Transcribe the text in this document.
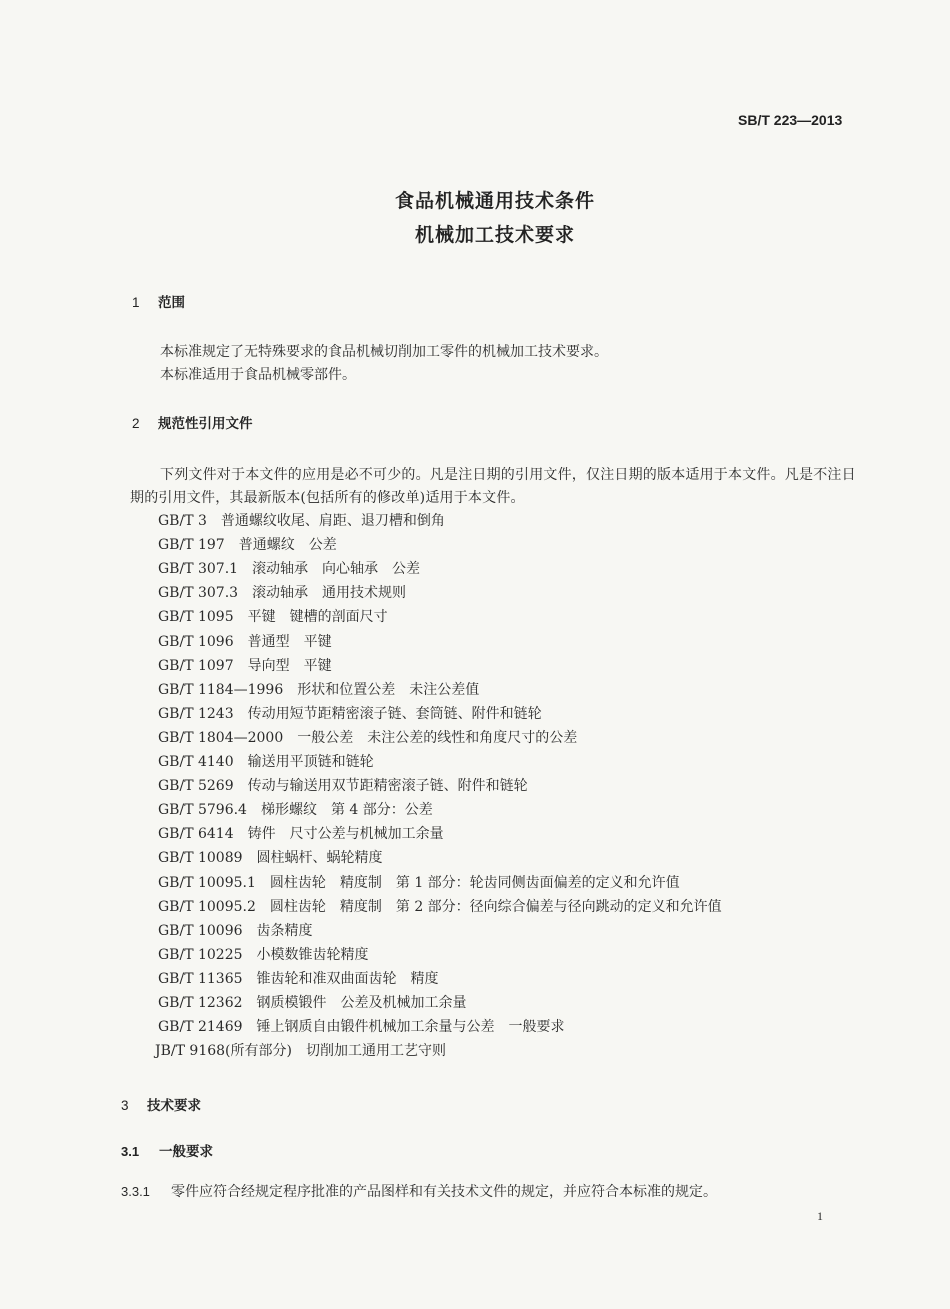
SB/T 223—2013
食品机械通用技术条件
机械加工技术要求
1 范围
本标准规定了无特殊要求的食品机械切削加工零件的机械加工技术要求。
本标准适用于食品机械零部件。
2 规范性引用文件
下列文件对于本文件的应用是必不可少的。凡是注日期的引用文件，仅注日期的版本适用于本文件。凡是不注日期的引用文件，其最新版本(包括所有的修改单)适用于本文件。
GB/T 3 普通螺纹收尾、肩距、退刀槽和倒角
GB/T 197 普通螺纹　公差
GB/T 307.1 滚动轴承　向心轴承　公差
GB/T 307.3 滚动轴承　通用技术规则
GB/T 1095 平键　键槽的剖面尺寸
GB/T 1096 普通型　平键
GB/T 1097 导向型　平键
GB/T 1184—1996 形状和位置公差　未注公差值
GB/T 1243 传动用短节距精密滚子链、套筒链、附件和链轮
GB/T 1804—2000 一般公差　未注公差的线性和角度尺寸的公差
GB/T 4140 输送用平顶链和链轮
GB/T 5269 传动与输送用双节距精密滚子链、附件和链轮
GB/T 5796.4 梯形螺纹　第 4 部分：公差
GB/T 6414 铸件　尺寸公差与机械加工余量
GB/T 10089 圆柱蜗杆、蜗轮精度
GB/T 10095.1 圆柱齿轮　精度制　第 1 部分：轮齿同侧齿面偏差的定义和允许值
GB/T 10095.2 圆柱齿轮　精度制　第 2 部分：径向综合偏差与径向跳动的定义和允许值
GB/T 10096 齿条精度
GB/T 10225 小模数锥齿轮精度
GB/T 11365 锥齿轮和准双曲面齿轮　精度
GB/T 12362 钢质模锻件　公差及机械加工余量
GB/T 21469 锤上钢质自由锻件机械加工余量与公差　一般要求
JB/T 9168(所有部分) 切削加工通用工艺守则
3 技术要求
3.1 一般要求
3.3.1 零件应符合经规定程序批准的产品图样和有关技术文件的规定，并应符合本标准的规定。
1
